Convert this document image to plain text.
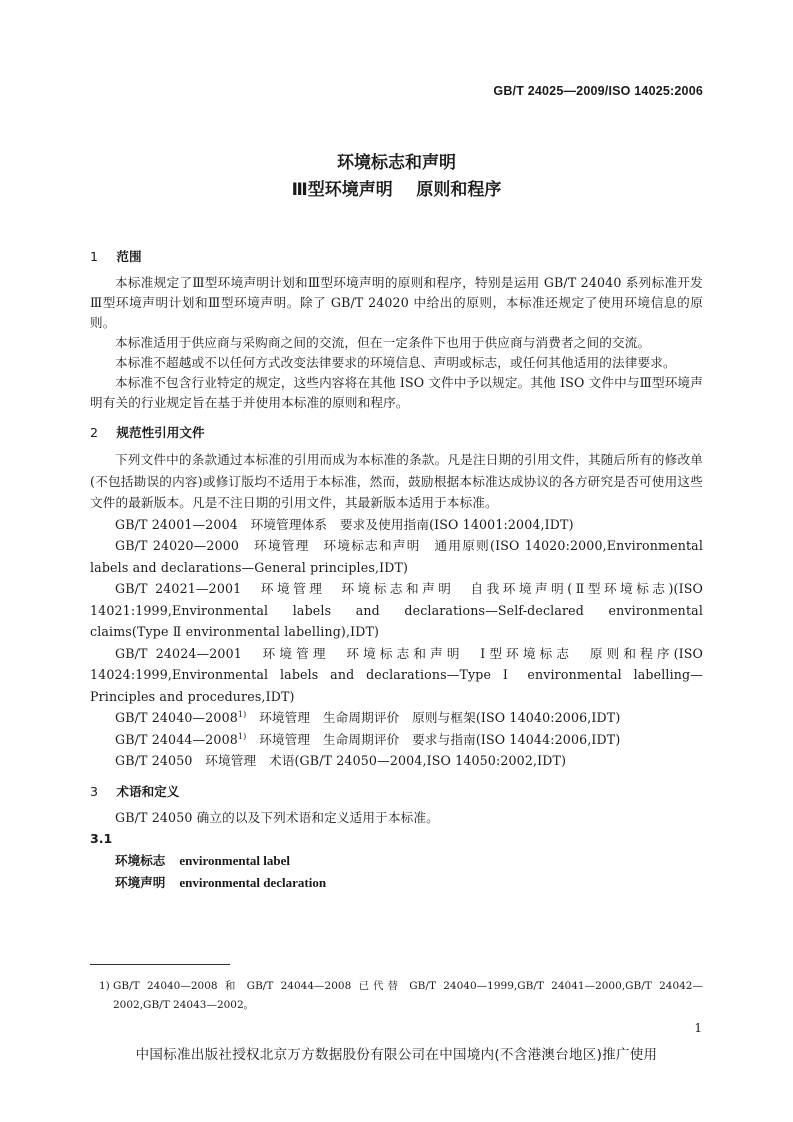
GB/T 24025—2009/ISO 14025:2006
环境标志和声明
Ⅲ型环境声明    原则和程序
1 范围

本标准规定了Ⅲ型环境声明计划和Ⅲ型环境声明的原则和程序，特别是运用 GB/T 24040 系列标准开发Ⅲ型环境声明计划和Ⅲ型环境声明。除了 GB/T 24020 中给出的原则，本标准还规定了使用环境信息的原则。

本标准适用于供应商与采购商之间的交流，但在一定条件下也用于供应商与消费者之间的交流。

本标准不超越或不以任何方式改变法律要求的环境信息、声明或标志，或任何其他适用的法律要求。

本标准不包含行业特定的规定，这些内容将在其他 ISO 文件中予以规定。其他 ISO 文件中与Ⅲ型环境声明有关的行业规定旨在基于并使用本标准的原则和程序。

2 规范性引用文件

下列文件中的条款通过本标准的引用而成为本标准的条款。凡是注日期的引用文件，其随后所有的修改单(不包括勘误的内容)或修订版均不适用于本标准，然而，鼓励根据本标准达成协议的各方研究是否可使用这些文件的最新版本。凡是不注日期的引用文件，其最新版本适用于本标准。

GB/T 24001—2004　 环境管理体系　要求及使用指南(ISO 14001:2004,IDT)

GB/T 24020—2000　 环境管理　环境标志和声明　通用原则(ISO 14020:2000,Environmental labels and declarations—General principles,IDT)

GB/T 24021—2001　 环境管理　环境标志和声明　自我环境声明(Ⅱ型环境标志)(ISO 14021:1999,Environmental labels and declarations—Self-declared environmental claims(Type Ⅱ environmental labelling),IDT)

GB/T 24024—2001　 环境管理　环境标志和声明　Ⅰ型环境标志　原则和程序(ISO 14024:1999,Environmental labels and declarations—Type Ⅰ environmental labelling—Principles and procedures,IDT)

GB/T 24040—2008$^{1)}$　 环境管理　生命周期评价　原则与框架(ISO 14040:2006,IDT)

GB/T 24044—2008$^{1)}$　 环境管理　生命周期评价　要求与指南(ISO 14044:2006,IDT)

GB/T 24050　 环境管理　术语(GB/T 24050—2004,ISO 14050:2002,IDT)

3 术语和定义

GB/T 24050 确立的以及下列术语和定义适用于本标准。

3.1
环境标志 environmental label
环境声明 environmental declaration
1) GB/T 24040—2008 和 GB/T 24044—2008 已代替 GB/T 24040—1999,GB/T 24041—2000,GB/T 24042—2002,GB/T 24043—2002。
1
中国标准出版社授权北京万方数据股份有限公司在中国境内(不含港澳台地区)推广使用
